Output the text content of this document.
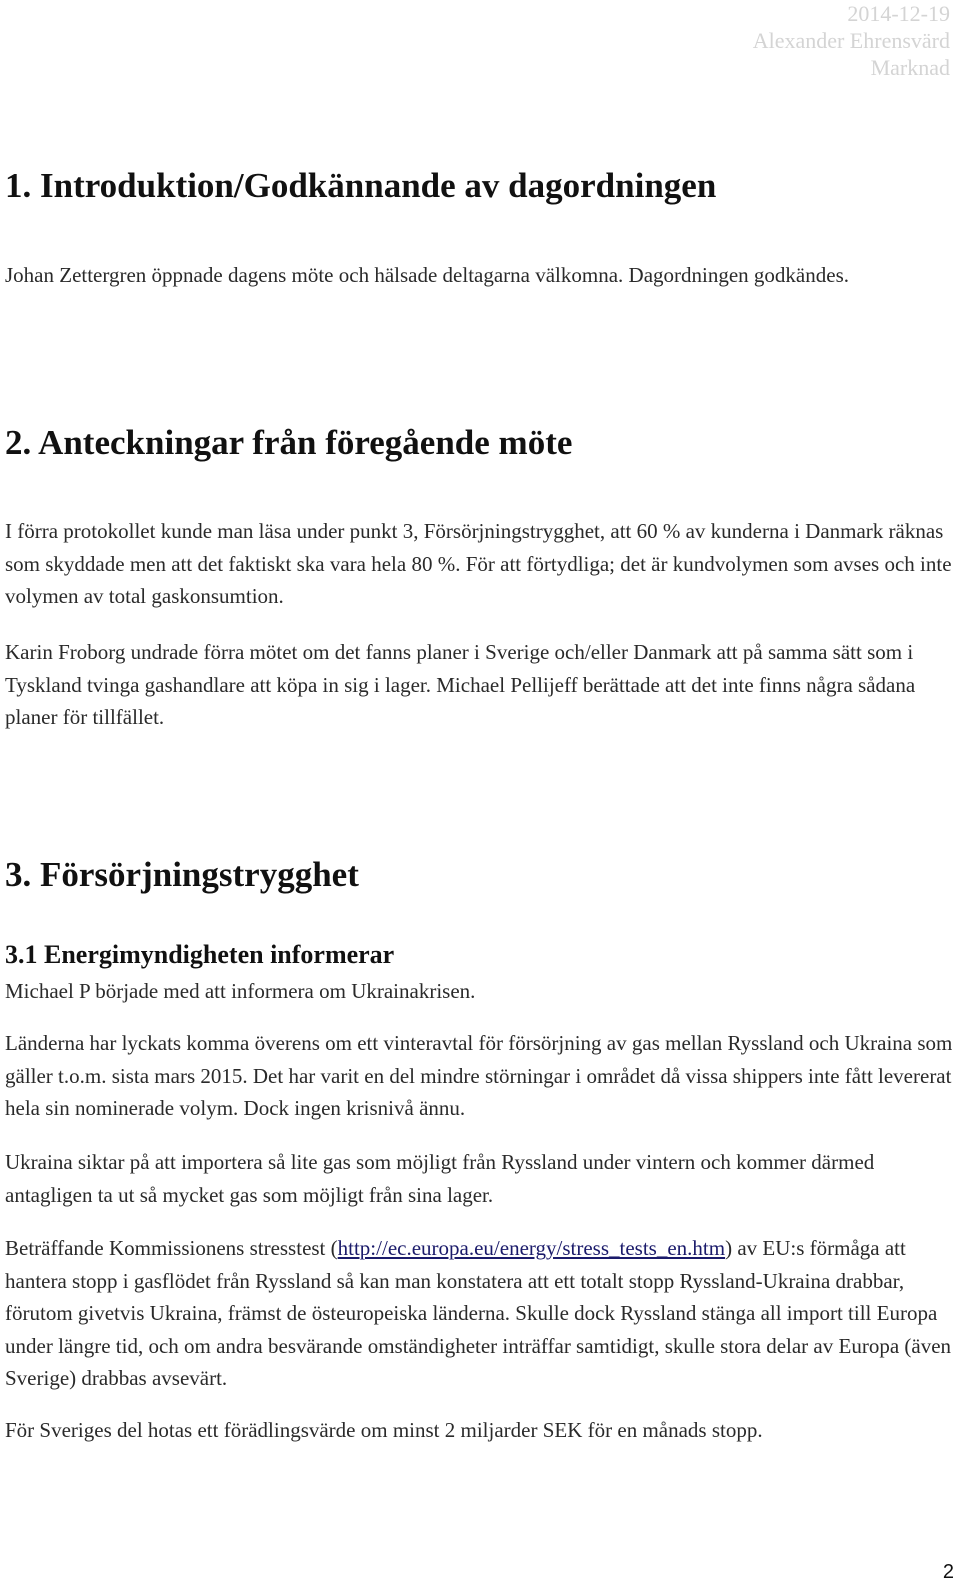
2014-12-19
Alexander Ehrensvärd
Marknad
1. Introduktion/Godkännande av dagordningen

Johan Zettergren öppnade dagens möte och hälsade deltagarna välkomna. Dagordningen godkändes.

2. Anteckningar från föregående möte

I förra protokollet kunde man läsa under punkt 3, Försörjningstrygghet, att 60 % av kunderna i Danmark räknas som skyddade men att det faktiskt ska vara hela 80 %. För att förtydliga; det är kundvolymen som avses och inte volymen av total gaskonsumtion.

Karin Froborg undrade förra mötet om det fanns planer i Sverige och/eller Danmark att på samma sätt som i Tyskland tvinga gashandlare att köpa in sig i lager. Michael Pellijeff berättade att det inte finns några sådana planer för tillfället.

3. Försörjningstrygghet
3.1 Energimyndigheten informerar

Michael P började med att informera om Ukrainakrisen.

Länderna har lyckats komma överens om ett vinteravtal för försörjning av gas mellan Ryssland och Ukraina som gäller t.o.m. sista mars 2015. Det har varit en del mindre störningar i området då vissa shippers inte fått levererat hela sin nominerade volym. Dock ingen krisnivå ännu.

Ukraina siktar på att importera så lite gas som möjligt från Ryssland under vintern och kommer därmed antagligen ta ut så mycket gas som möjligt från sina lager.

Beträffande Kommissionens stresstest (http://ec.europa.eu/energy/stress_tests_en.htm) av EU:s förmåga att hantera stopp i gasflödet från Ryssland så kan man konstatera att ett totalt stopp Ryssland-Ukraina drabbar, förutom givetvis Ukraina, främst de östeuropeiska länderna. Skulle dock Ryssland stänga all import till Europa under längre tid, och om andra besvärande omständigheter inträffar samtidigt, skulle stora delar av Europa (även Sverige) drabbas avsevärt.

För Sveriges del hotas ett förädlingsvärde om minst 2 miljarder SEK för en månads stopp.

2
